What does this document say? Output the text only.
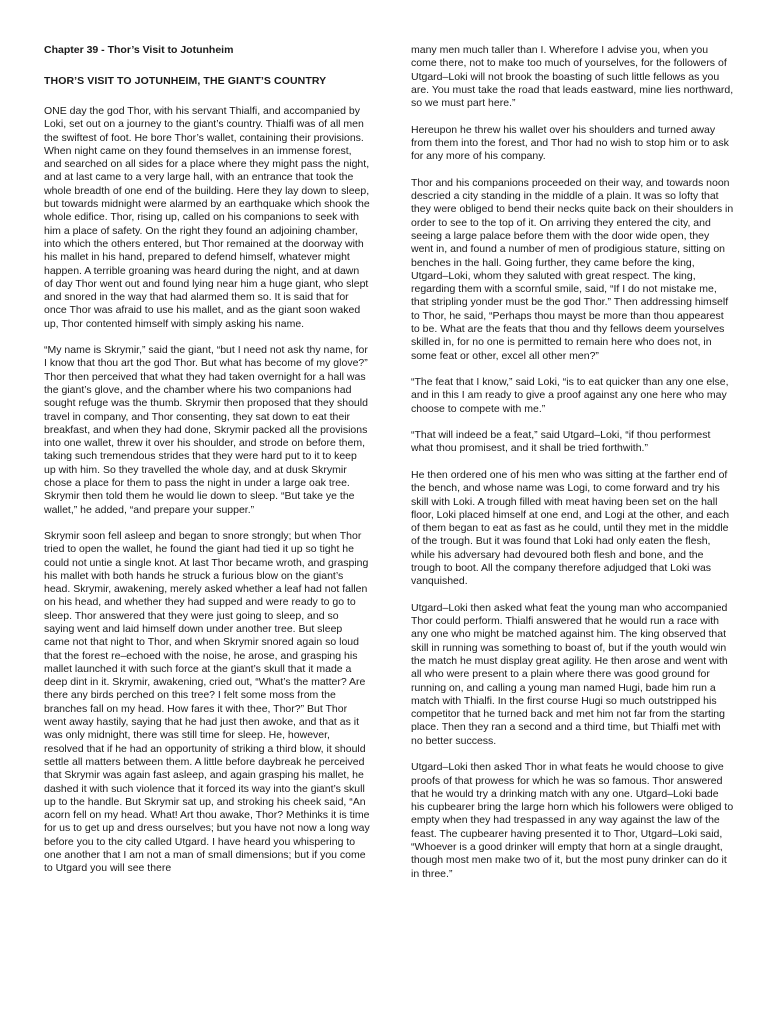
Chapter 39 - Thor’s Visit to Jotunheim
THOR’S VISIT TO JOTUNHEIM, THE GIANT’S COUNTRY

ONE day the god Thor, with his servant Thialfi, and accompanied by Loki, set out on a journey to the giant’s country. Thialfi was of all men the swiftest of foot. He bore Thor’s wallet, containing their provisions. When night came on they found themselves in an immense forest, and searched on all sides for a place where they might pass the night, and at last came to a very large hall, with an entrance that took the whole breadth of one end of the building. Here they lay down to sleep, but towards midnight were alarmed by an earthquake which shook the whole edifice. Thor, rising up, called on his companions to seek with him a place of safety. On the right they found an adjoining chamber, into which the others entered, but Thor remained at the doorway with his mallet in his hand, prepared to defend himself, whatever might happen. A terrible groaning was heard during the night, and at dawn of day Thor went out and found lying near him a huge giant, who slept and snored in the way that had alarmed them so. It is said that for once Thor was afraid to use his mallet, and as the giant soon waked up, Thor contented himself with simply asking his name.

“My name is Skrymir,” said the giant, “but I need not ask thy name, for I know that thou art the god Thor. But what has become of my glove?” Thor then perceived that what they had taken overnight for a hall was the giant’s glove, and the chamber where his two companions had sought refuge was the thumb. Skrymir then proposed that they should travel in company, and Thor consenting, they sat down to eat their breakfast, and when they had done, Skrymir packed all the provisions into one wallet, threw it over his shoulder, and strode on before them, taking such tremendous strides that they were hard put to it to keep up with him. So they travelled the whole day, and at dusk Skrymir chose a place for them to pass the night in under a large oak tree. Skrymir then told them he would lie down to sleep. “But take ye the wallet,” he added, “and prepare your supper.”

Skrymir soon fell asleep and began to snore strongly; but when Thor tried to open the wallet, he found the giant had tied it up so tight he could not untie a single knot. At last Thor became wroth, and grasping his mallet with both hands he struck a furious blow on the giant’s head. Skrymir, awakening, merely asked whether a leaf had not fallen on his head, and whether they had supped and were ready to go to sleep. Thor answered that they were just going to sleep, and so saying went and laid himself down under another tree. But sleep came not that night to Thor, and when Skrymir snored again so loud that the forest re–echoed with the noise, he arose, and grasping his mallet launched it with such force at the giant’s skull that it made a deep dint in it. Skrymir, awakening, cried out, “What’s the matter? Are there any birds perched on this tree? I felt some moss from the branches fall on my head. How fares it with thee, Thor?” But Thor went away hastily, saying that he had just then awoke, and that as it was only midnight, there was still time for sleep. He, however, resolved that if he had an opportunity of striking a third blow, it should settle all matters between them. A little before daybreak he perceived that Skrymir was again fast asleep, and again grasping his mallet, he dashed it with such violence that it forced its way into the giant’s skull up to the handle. But Skrymir sat up, and stroking his cheek said, “An acorn fell on my head. What! Art thou awake, Thor? Methinks it is time for us to get up and dress ourselves; but you have not now a long way before you to the city called Utgard. I have heard you whispering to one another that I am not a man of small dimensions; but if you come to Utgard you will see there

many men much taller than I. Wherefore I advise you, when you come there, not to make too much of yourselves, for the followers of Utgard–Loki will not brook the boasting of such little fellows as you are. You must take the road that leads eastward, mine lies northward, so we must part here.”

Hereupon he threw his wallet over his shoulders and turned away from them into the forest, and Thor had no wish to stop him or to ask for any more of his company.

Thor and his companions proceeded on their way, and towards noon descried a city standing in the middle of a plain. It was so lofty that they were obliged to bend their necks quite back on their shoulders in order to see to the top of it. On arriving they entered the city, and seeing a large palace before them with the door wide open, they went in, and found a number of men of prodigious stature, sitting on benches in the hall. Going further, they came before the king, Utgard–Loki, whom they saluted with great respect. The king, regarding them with a scornful smile, said, “If I do not mistake me, that stripling yonder must be the god Thor.” Then addressing himself to Thor, he said, “Perhaps thou mayst be more than thou appearest to be. What are the feats that thou and thy fellows deem yourselves skilled in, for no one is permitted to remain here who does not, in some feat or other, excel all other men?”

“The feat that I know,” said Loki, “is to eat quicker than any one else, and in this I am ready to give a proof against any one here who may choose to compete with me.”

“That will indeed be a feat,” said Utgard–Loki, “if thou performest what thou promisest, and it shall be tried forthwith.”

He then ordered one of his men who was sitting at the farther end of the bench, and whose name was Logi, to come forward and try his skill with Loki. A trough filled with meat having been set on the hall floor, Loki placed himself at one end, and Logi at the other, and each of them began to eat as fast as he could, until they met in the middle of the trough. But it was found that Loki had only eaten the flesh, while his adversary had devoured both flesh and bone, and the trough to boot. All the company therefore adjudged that Loki was vanquished.

Utgard–Loki then asked what feat the young man who accompanied Thor could perform. Thialfi answered that he would run a race with any one who might be matched against him. The king observed that skill in running was something to boast of, but if the youth would win the match he must display great agility. He then arose and went with all who were present to a plain where there was good ground for running on, and calling a young man named Hugi, bade him run a match with Thialfi. In the first course Hugi so much outstripped his competitor that he turned back and met him not far from the starting place. Then they ran a second and a third time, but Thialfi met with no better success.

Utgard–Loki then asked Thor in what feats he would choose to give proofs of that prowess for which he was so famous. Thor answered that he would try a drinking match with any one. Utgard–Loki bade his cupbearer bring the large horn which his followers were obliged to empty when they had trespassed in any way against the law of the feast. The cupbearer having presented it to Thor, Utgard–Loki said, “Whoever is a good drinker will empty that horn at a single draught, though most men make two of it, but the most puny drinker can do it in three.”
